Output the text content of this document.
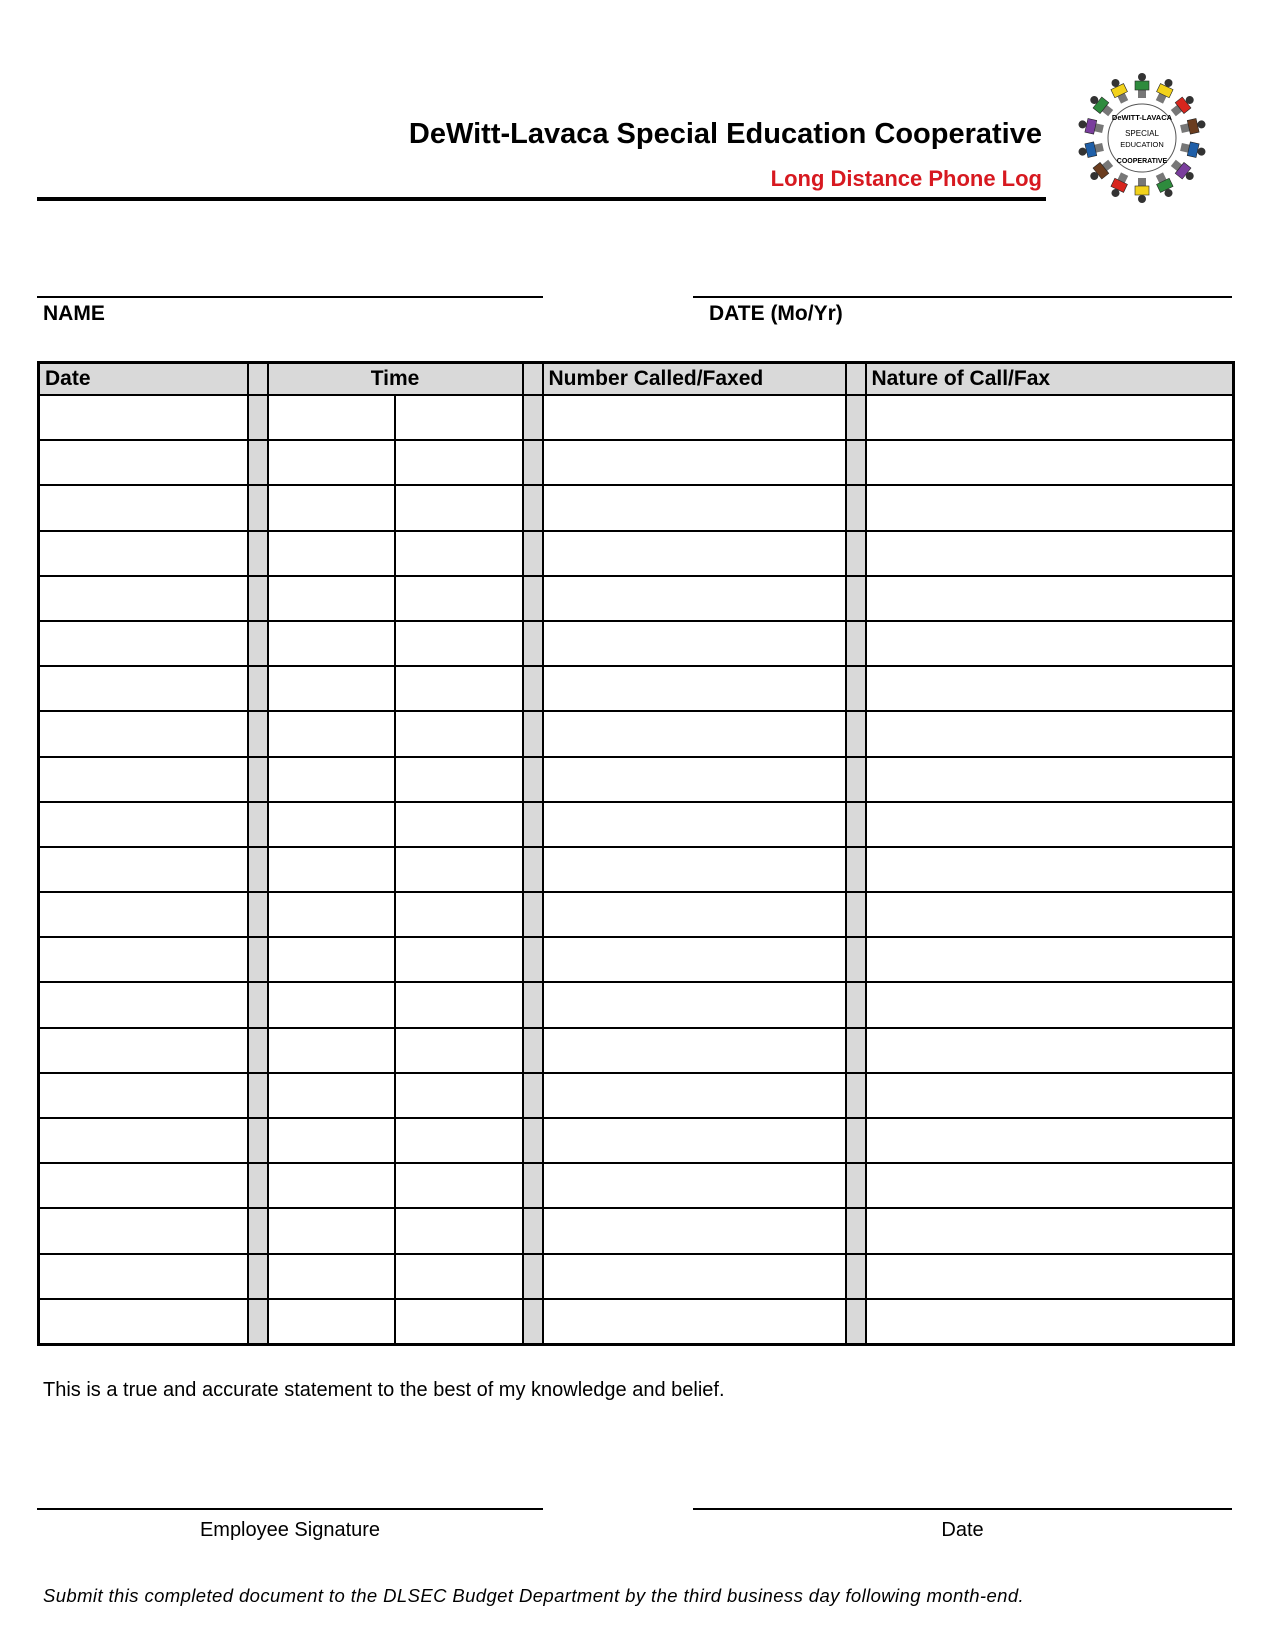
DeWitt-Lavaca Special Education Cooperative
Long Distance Phone Log
DeWITT-LAVACA
SPECIAL
EDUCATION
COOPERATIVE
NAME	DATE (Mo/Yr)
Date		Time			Number Called/Faxed		Nature of Call/Fax

This is a true and accurate statement to the best of my knowledge and belief.
Employee Signature	Date
Submit this completed document to the DLSEC Budget Department by the third business day following month-end.
